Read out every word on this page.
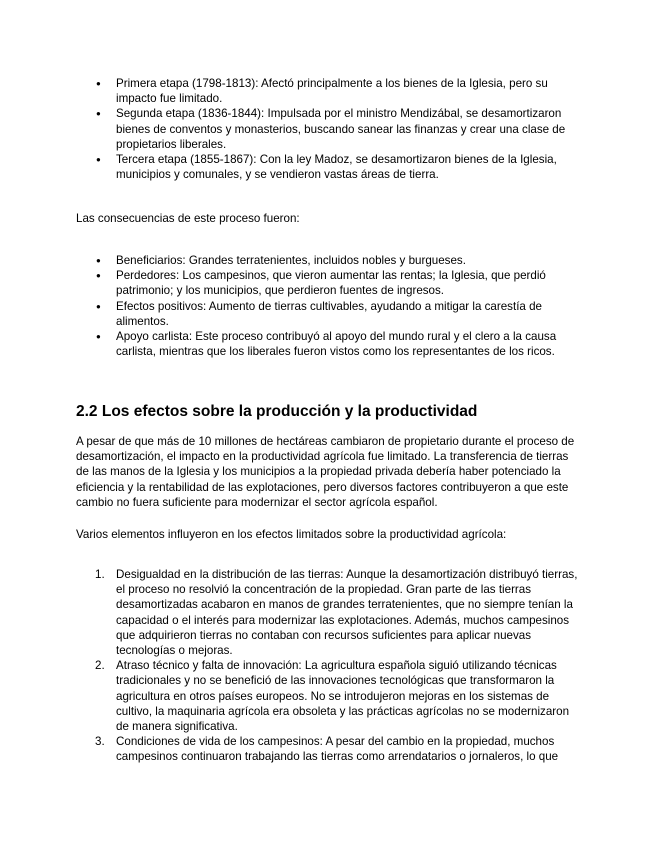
● Primera etapa (1798-1813): Afectó principalmente a los bienes de la Iglesia, pero su impacto fue limitado.
● Segunda etapa (1836-1844): Impulsada por el ministro Mendizábal, se desamortizaron bienes de conventos y monasterios, buscando sanear las finanzas y crear una clase de propietarios liberales.
● Tercera etapa (1855-1867): Con la ley Madoz, se desamortizaron bienes de la Iglesia, municipios y comunales, y se vendieron vastas áreas de tierra.

Las consecuencias de este proceso fueron:

● Beneficiarios: Grandes terratenientes, incluidos nobles y burgueses.
● Perdedores: Los campesinos, que vieron aumentar las rentas; la Iglesia, que perdió patrimonio; y los municipios, que perdieron fuentes de ingresos.
● Efectos positivos: Aumento de tierras cultivables, ayudando a mitigar la carestía de alimentos.
● Apoyo carlista: Este proceso contribuyó al apoyo del mundo rural y el clero a la causa carlista, mientras que los liberales fueron vistos como los representantes de los ricos.
2.2 Los efectos sobre la producción y la productividad

A pesar de que más de 10 millones de hectáreas cambiaron de propietario durante el proceso de desamortización, el impacto en la productividad agrícola fue limitado. La transferencia de tierras de las manos de la Iglesia y los municipios a la propiedad privada debería haber potenciado la eficiencia y la rentabilidad de las explotaciones, pero diversos factores contribuyeron a que este cambio no fuera suficiente para modernizar el sector agrícola español.

Varios elementos influyeron en los efectos limitados sobre la productividad agrícola:

1. Desigualdad en la distribución de las tierras: Aunque la desamortización distribuyó tierras, el proceso no resolvió la concentración de la propiedad. Gran parte de las tierras desamortizadas acabaron en manos de grandes terratenientes, que no siempre tenían la capacidad o el interés para modernizar las explotaciones. Además, muchos campesinos que adquirieron tierras no contaban con recursos suficientes para aplicar nuevas tecnologías o mejoras.
2. Atraso técnico y falta de innovación: La agricultura española siguió utilizando técnicas tradicionales y no se benefició de las innovaciones tecnológicas que transformaron la agricultura en otros países europeos. No se introdujeron mejoras en los sistemas de cultivo, la maquinaria agrícola era obsoleta y las prácticas agrícolas no se modernizaron de manera significativa.
3. Condiciones de vida de los campesinos: A pesar del cambio en la propiedad, muchos campesinos continuaron trabajando las tierras como arrendatarios o jornaleros, lo que
